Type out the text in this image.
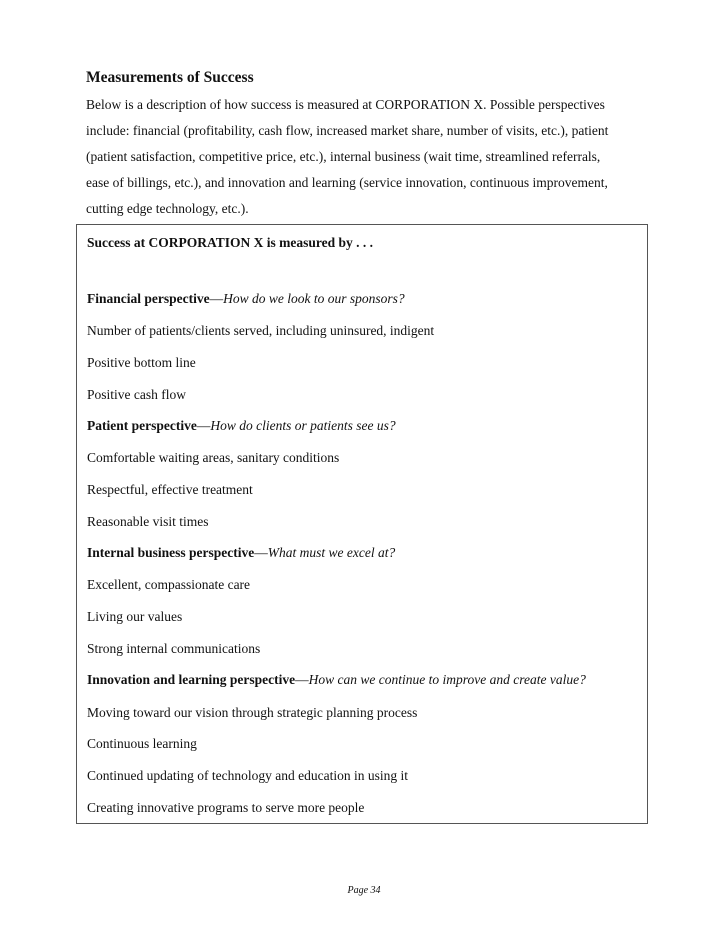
Measurements of Success

Below is a description of how success is measured at CORPORATION X. Possible perspectives
include: financial (profitability, cash flow, increased market share, number of visits, etc.), patient
(patient satisfaction, competitive price, etc.), internal business (wait time, streamlined referrals,
ease of billings, etc.), and innovation and learning (service innovation, continuous improvement,
cutting edge technology, etc.).

Success at CORPORATION X is measured by . . .
Financial perspective—How do we look to our sponsors?
Number of patients/clients served, including uninsured, indigent
Positive bottom line
Positive cash flow
Patient perspective—How do clients or patients see us?
Comfortable waiting areas, sanitary conditions
Respectful, effective treatment
Reasonable visit times
Internal business perspective—What must we excel at?
Excellent, compassionate care
Living our values
Strong internal communications
Innovation and learning perspective—How can we continue to improve and create value?
Moving toward our vision through strategic planning process
Continuous learning
Continued updating of technology and education in using it
Creating innovative programs to serve more people
Page 34
